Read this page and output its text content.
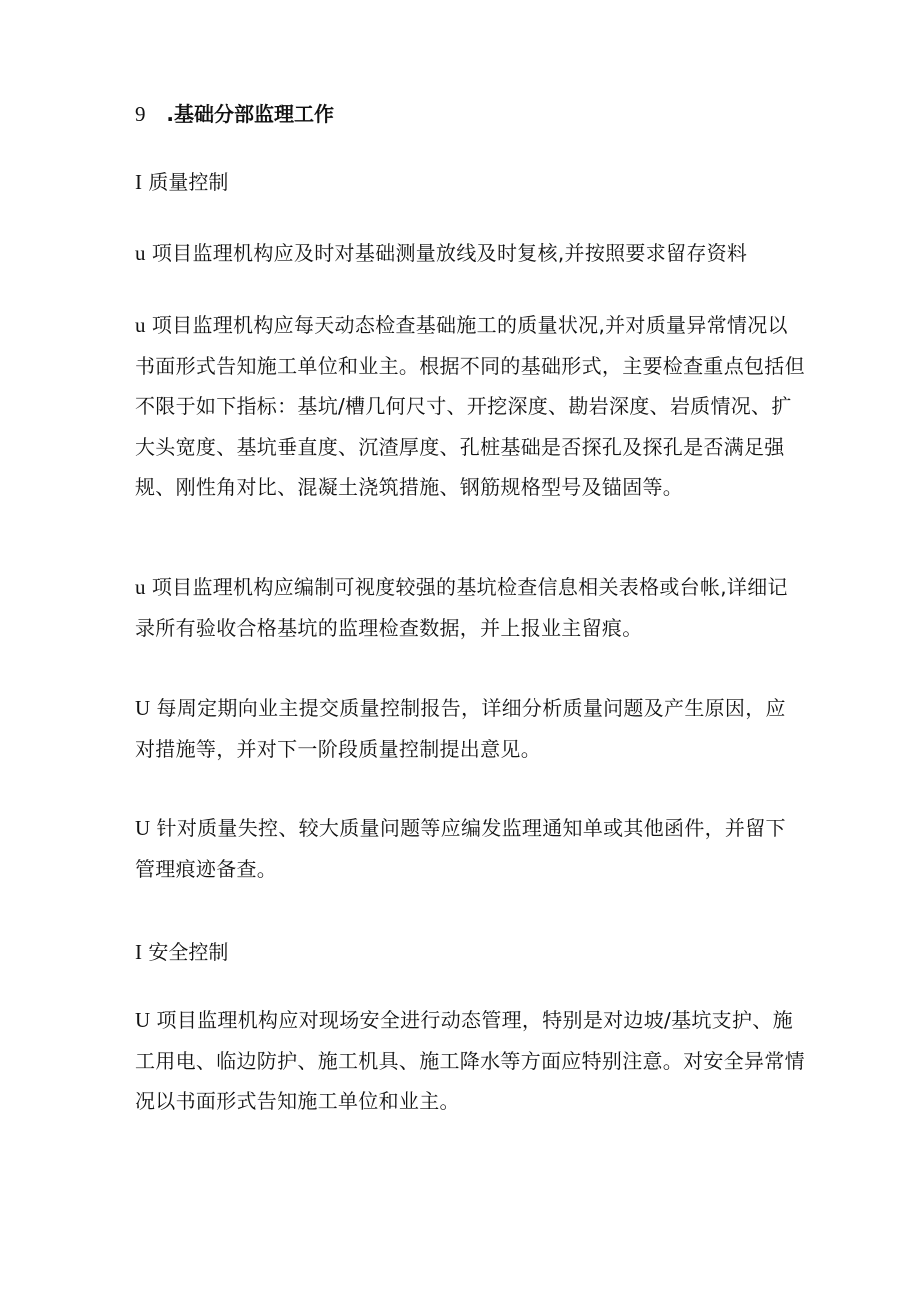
9 .基础分部监理工作
I 质量控制
u 项目监理机构应及时对基础测量放线及时复核,并按照要求留存资料
u 项目监理机构应每天动态检查基础施工的质量状况,并对质量异常情况以书面形式告知施工单位和业主。根据不同的基础形式，主要检查重点包括但不限于如下指标：基坑/槽几何尺寸、开挖深度、勘岩深度、岩质情况、扩大头宽度、基坑垂直度、沉渣厚度、孔桩基础是否探孔及探孔是否满足强规、刚性角对比、混凝土浇筑措施、钢筋规格型号及锚固等。
u 项目监理机构应编制可视度较强的基坑检查信息相关表格或台帐,详细记录所有验收合格基坑的监理检查数据，并上报业主留痕。
U 每周定期向业主提交质量控制报告，详细分析质量问题及产生原因，应对措施等，并对下一阶段质量控制提出意见。
U 针对质量失控、较大质量问题等应编发监理通知单或其他函件，并留下管理痕迹备查。
I 安全控制
U 项目监理机构应对现场安全进行动态管理，特别是对边坡/基坑支护、施工用电、临边防护、施工机具、施工降水等方面应特别注意。对安全异常情况以书面形式告知施工单位和业主。
